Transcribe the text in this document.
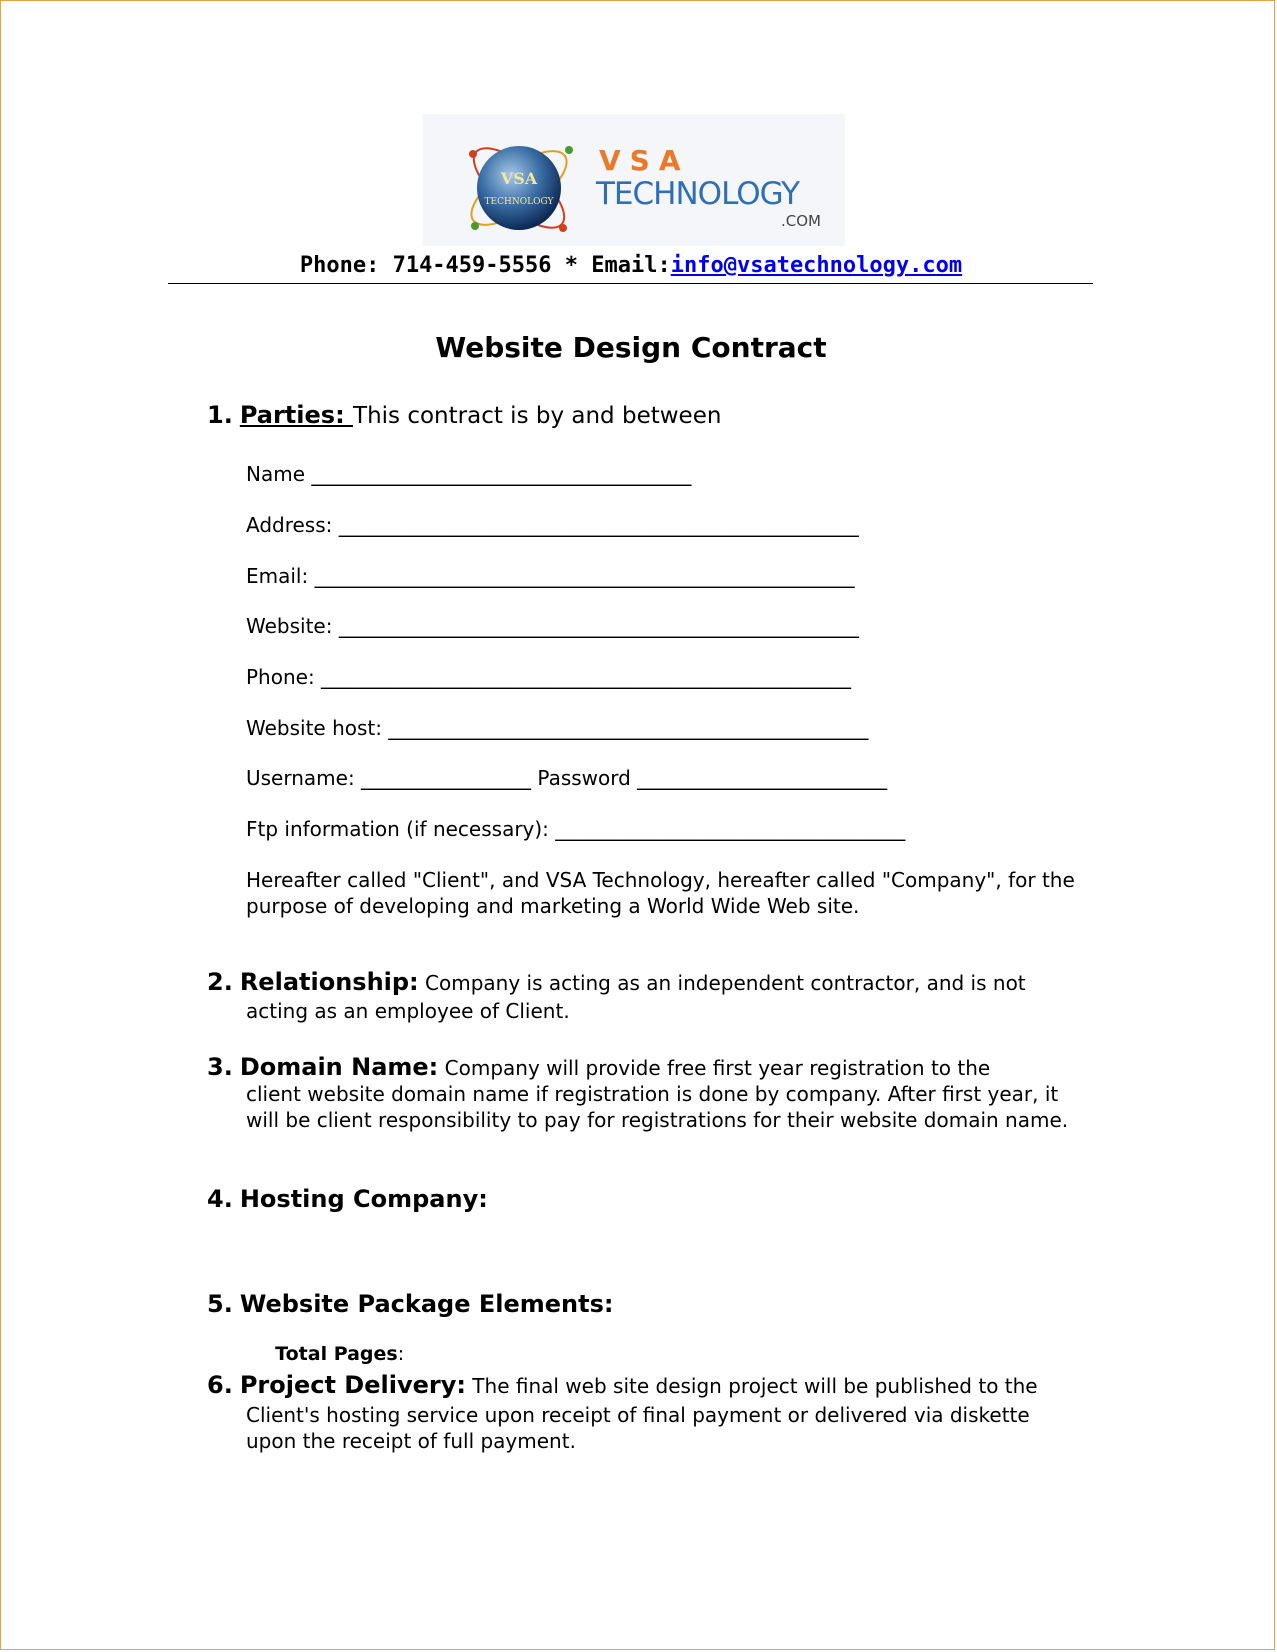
VSA
TECHNOLOGY
VSA
TECHNOLOGY
.COM
Phone: 714-459-5556 * Email:info@vsatechnology.com
Website Design Contract
1. Parties: This contract is by and between
Name ______________________________________
Address: ____________________________________________________
Email: ______________________________________________________
Website: ____________________________________________________
Phone: _____________________________________________________
Website host: ________________________________________________
Username: _________________ Password _________________________
Ftp information (if necessary): ___________________________________
Hereafter called "Client", and VSA Technology, hereafter called "Company", for the purpose of developing and marketing a World Wide Web site.
2. Relationship: Company is acting as an independent contractor, and is not
acting as an employee of Client.
3. Domain Name: Company will provide free first year registration to the
client website domain name if registration is done by company. After first year, it will be client responsibility to pay for registrations for their website domain name.
4. Hosting Company:
5. Website Package Elements:

Total Pages:

6. Project Delivery: The final web site design project will be published to the
Client's hosting service upon receipt of final payment or delivered via diskette upon the receipt of full payment.
